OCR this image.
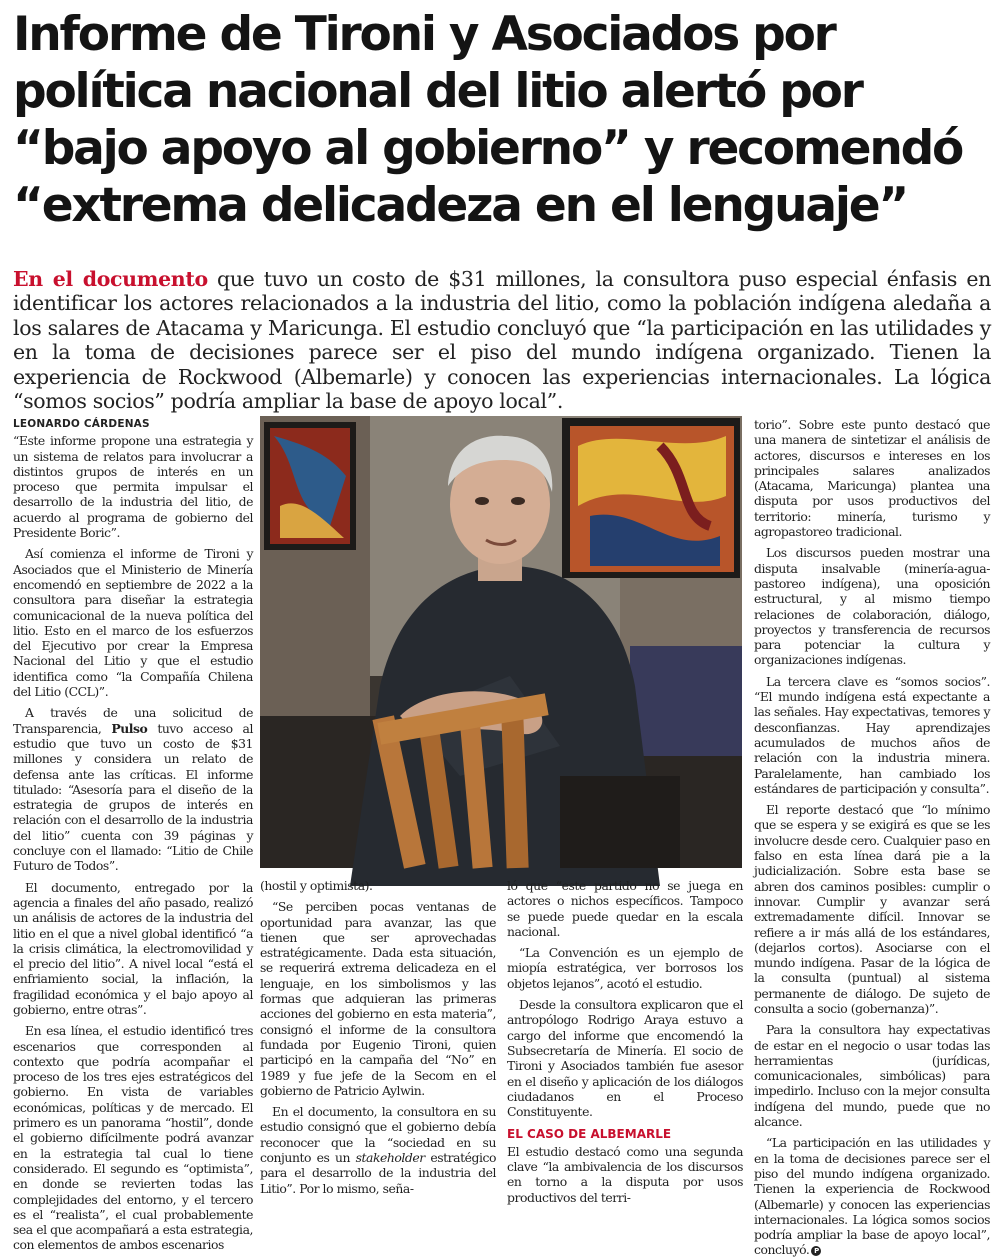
Informe de Tironi y Asociados por política nacional del litio alertó por “bajo apoyo al gobierno” y recomendó “extrema delicadeza en el lenguaje”

En el documento que tuvo un costo de $31 millones, la consultora puso especial énfasis en identificar los actores relacionados a la industria del litio, como la población indígena aledaña a los salares de Atacama y Maricunga. El estudio concluyó que “la participación en las utilidades y en la toma de decisiones parece ser el piso del mundo indígena organizado. Tienen la experiencia de Rockwood (Albemarle) y conocen las experiencias internacionales. La lógica “somos socios” podría ampliar la base de apoyo local”.

LEONARDO CÁRDENAS

“Este informe propone una estrategia y un sistema de relatos para involucrar a distintos grupos de interés en un proceso que permita impulsar el desarrollo de la industria del litio, de acuerdo al programa de gobierno del Presidente Boric”.

Así comienza el informe de Tironi y Asociados que el Ministerio de Minería encomendó en septiembre de 2022 a la consultora para diseñar la estrategia comunicacional de la nueva política del litio. Esto en el marco de los esfuerzos del Ejecutivo por crear la Empresa Nacional del Litio y que el estudio identifica como “la Compañía Chilena del Litio (CCL)”.

A través de una solicitud de Transparencia, Pulso tuvo acceso al estudio que tuvo un costo de $31 millones y considera un relato de defensa ante las críticas. El informe titulado: “Asesoría para el diseño de la estrategia de grupos de interés en relación con el desarrollo de la industria del litio” cuenta con 39 páginas y concluye con el llamado: “Litio de Chile Futuro de Todos”.

El documento, entregado por la agencia a finales del año pasado, realizó un análisis de actores de la industria del litio en el que a nivel global identificó “a la crisis climática, la electromovilidad y el precio del litio”. A nivel local “está el enfriamiento social, la inflación, la fragilidad económica y el bajo apoyo al gobierno, entre otras”.

En esa línea, el estudio identificó tres escenarios que corresponden al contexto que podría acompañar el proceso de los tres ejes estratégicos del gobierno. En vista de variables económicas, políticas y de mercado. El primero es un panorama “hostil”, donde el gobierno difícilmente podrá avanzar en la estrategia tal cual lo tiene considerado. El segundo es “optimista”, en donde se revierten todas las complejidades del entorno, y el tercero es el “realista”, el cual probablemente sea el que acompañará a esta estrategia, con elementos de ambos escenarios

(hostil y optimista).

“Se perciben pocas ventanas de oportunidad para avanzar, las que tienen que ser aprovechadas estratégicamente. Dada esta situación, se requerirá extrema delicadeza en el lenguaje, en los simbolismos y las formas que adquieran las primeras acciones del gobierno en esta materia”, consignó el informe de la consultora fundada por Eugenio Tironi, quien participó en la campaña del “No” en 1989 y fue jefe de la Secom en el gobierno de Patricio Aylwin.

En el documento, la consultora en su estudio consignó que el gobierno debía reconocer que la “sociedad en su conjunto es un stakeholder estratégico para el desarrollo de la industria del Litio”. Por lo mismo, seña-

ló que “este partido no se juega en actores o nichos específicos. Tampoco se puede puede quedar en la escala nacional.

“La Convención es un ejemplo de miopía estratégica, ver borrosos los objetos lejanos”, acotó el estudio.

Desde la consultora explicaron que el antropólogo Rodrigo Araya estuvo a cargo del informe que encomendó la Subsecretaría de Minería. El socio de Tironi y Asociados también fue asesor en el diseño y aplicación de los diálogos ciudadanos en el Proceso Constituyente.

EL CASO DE ALBEMARLE

El estudio destacó como una segunda clave “la ambivalencia de los discursos en torno a la disputa por usos productivos del terri-

torio”. Sobre este punto destacó que una manera de sintetizar el análisis de actores, discursos e intereses en los principales salares analizados (Atacama, Maricunga) plantea una disputa por usos productivos del territorio: minería, turismo y agropastoreo tradicional.

Los discursos pueden mostrar una disputa insalvable (minería-agua-pastoreo indígena), una oposición estructural, y al mismo tiempo relaciones de colaboración, diálogo, proyectos y transferencia de recursos para potenciar la cultura y organizaciones indígenas.

La tercera clave es “somos socios”. “El mundo indígena está expectante a las señales. Hay expectativas, temores y desconfianzas. Hay aprendizajes acumulados de muchos años de relación con la industria minera. Paralelamente, han cambiado los estándares de participación y consulta”.

El reporte destacó que “lo mínimo que se espera y se exigirá es que se les involucre desde cero. Cualquier paso en falso en esta línea dará pie a la judicialización. Sobre esta base se abren dos caminos posibles: cumplir o innovar. Cumplir y avanzar será extremadamente difícil. Innovar se refiere a ir más allá de los estándares, (dejarlos cortos). Asociarse con el mundo indígena. Pasar de la lógica de la consulta (puntual) al sistema permanente de diálogo. De sujeto de consulta a socio (gobernanza)”.

Para la consultora hay expectativas de estar en el negocio o usar todas las herramientas (jurídicas, comunicacionales, simbólicas) para impedirlo. Incluso con la mejor consulta indígena del mundo, puede que no alcance.

“La participación en las utilidades y en la toma de decisiones parece ser el piso del mundo indígena organizado. Tienen la experiencia de Rockwood (Albemarle) y conocen las experiencias internacionales. La lógica somos socios podría ampliar la base de apoyo local”, concluyó. P
